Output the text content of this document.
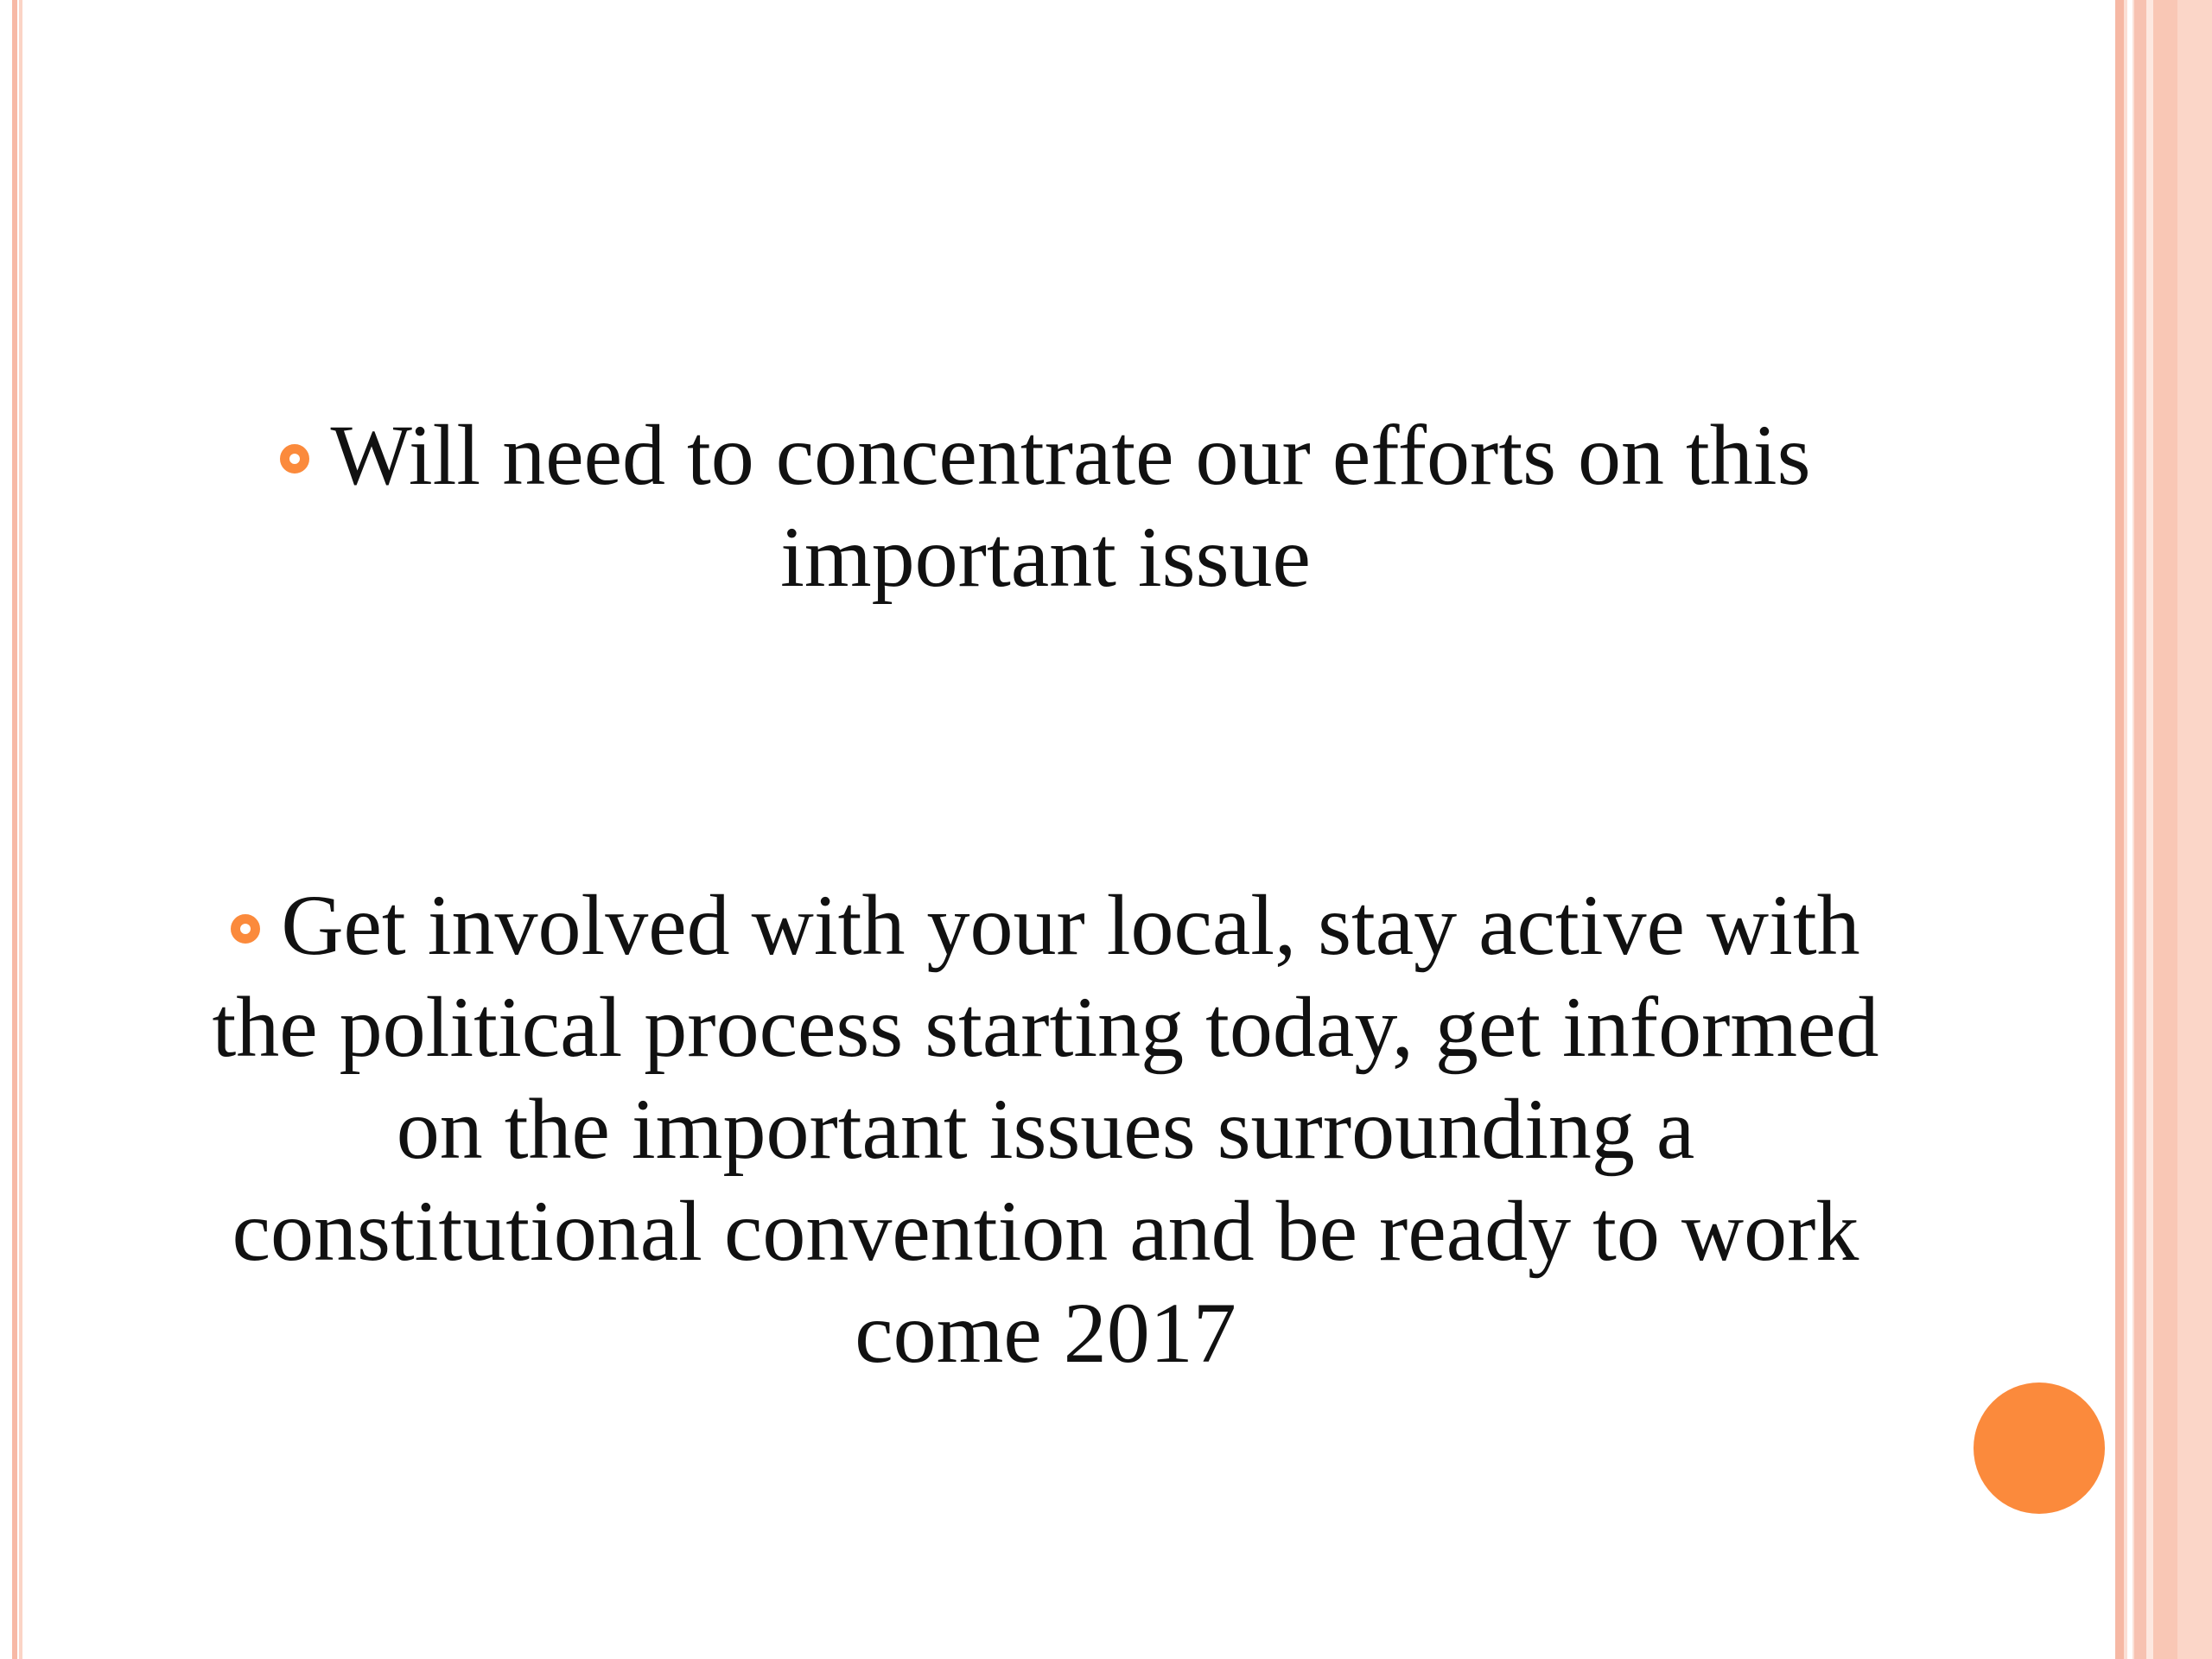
Will need to concentrate our efforts on this important issue
Get involved with your local, stay active with the political process starting today, get informed on the important issues surrounding a constitutional convention and be ready to work come 2017
